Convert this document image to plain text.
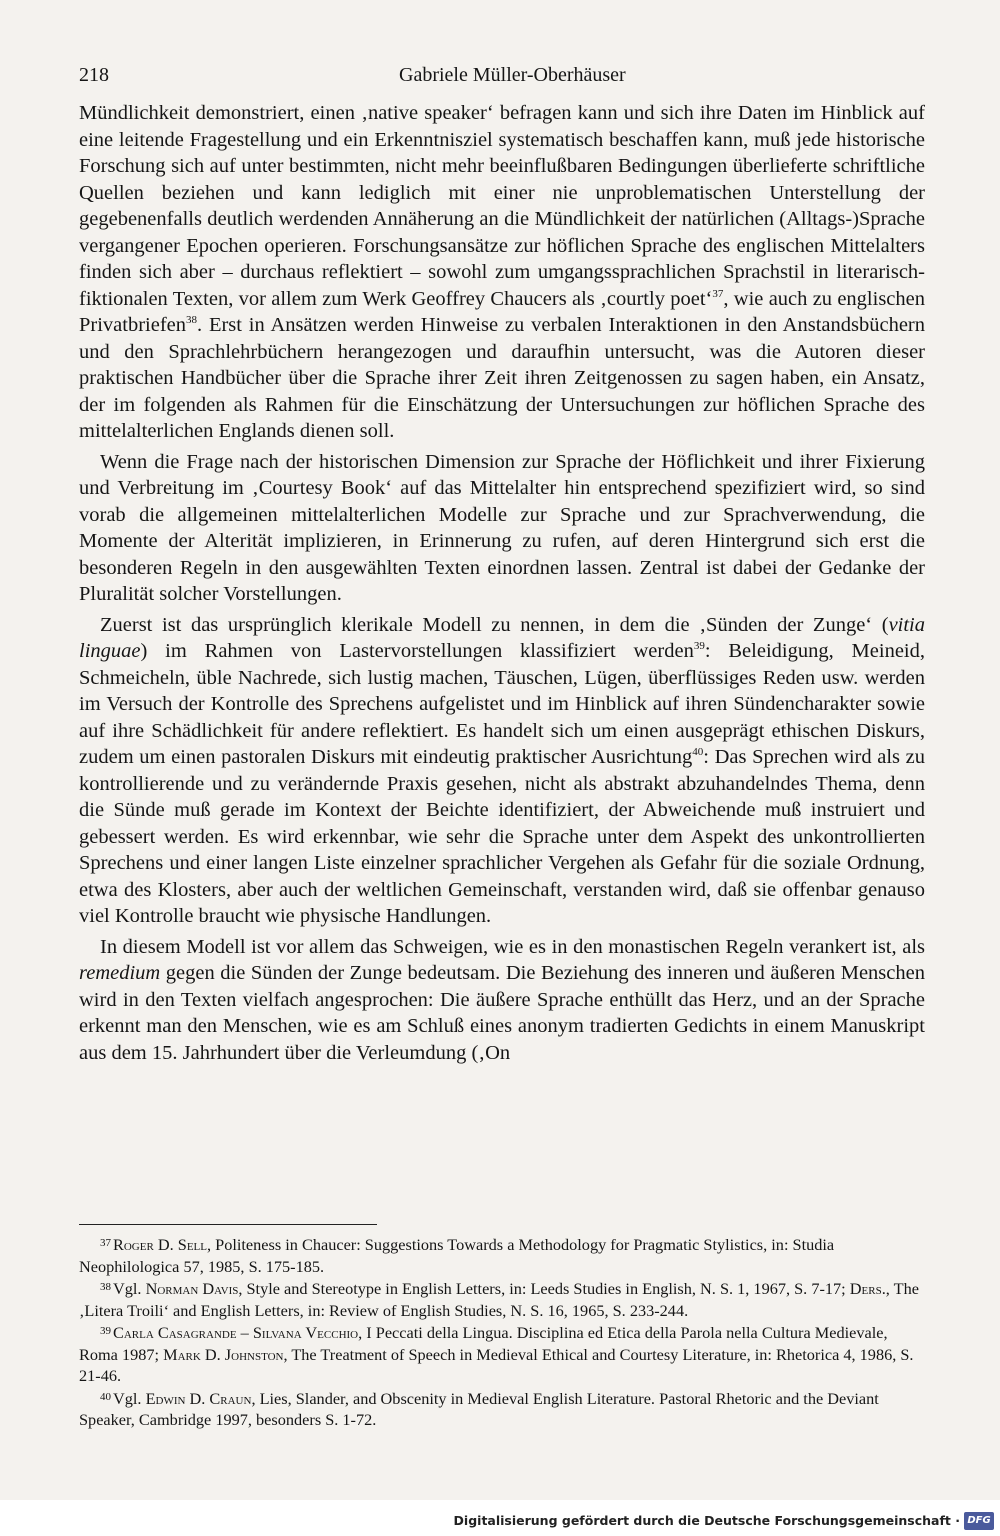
218	Gabriele Müller-Oberhäuser

Mündlichkeit demonstriert, einen ‚native speaker‘ befragen kann und sich ihre Daten im Hinblick auf eine leitende Fragestellung und ein Erkenntnisziel systematisch beschaffen kann, muß jede historische Forschung sich auf unter bestimmten, nicht mehr beeinflußbaren Bedingungen überlieferte schriftliche Quellen beziehen und kann lediglich mit einer nie unproblematischen Unterstellung der gegebenenfalls deutlich werdenden Annäherung an die Mündlichkeit der natürlichen (Alltags-)Sprache vergangener Epochen operieren. Forschungsansätze zur höflichen Sprache des englischen Mittelalters finden sich aber – durchaus reflektiert – sowohl zum umgangssprachlichen Sprachstil in literarisch-fiktionalen Texten, vor allem zum Werk Geoffrey Chaucers als ‚courtly poet‘$^{37}$, wie auch zu englischen Privatbriefen$^{38}$. Erst in Ansätzen werden Hinweise zu verbalen Interaktionen in den Anstandsbüchern und den Sprachlehrbüchern herangezogen und daraufhin untersucht, was die Autoren dieser praktischen Handbücher über die Sprache ihrer Zeit ihren Zeitgenossen zu sagen haben, ein Ansatz, der im folgenden als Rahmen für die Einschätzung der Untersuchungen zur höflichen Sprache des mittelalterlichen Englands dienen soll.

Wenn die Frage nach der historischen Dimension zur Sprache der Höflichkeit und ihrer Fixierung und Verbreitung im ‚Courtesy Book‘ auf das Mittelalter hin entsprechend spezifiziert wird, so sind vorab die allgemeinen mittelalterlichen Modelle zur Sprache und zur Sprachverwendung, die Momente der Alterität implizieren, in Erinnerung zu rufen, auf deren Hintergrund sich erst die besonderen Regeln in den ausgewählten Texten einordnen lassen. Zentral ist dabei der Gedanke der Pluralität solcher Vorstellungen.

Zuerst ist das ursprünglich klerikale Modell zu nennen, in dem die ‚Sünden der Zunge‘ (vitia linguae) im Rahmen von Lastervorstellungen klassifiziert werden$^{39}$: Beleidigung, Meineid, Schmeicheln, üble Nachrede, sich lustig machen, Täuschen, Lügen, überflüssiges Reden usw. werden im Versuch der Kontrolle des Sprechens aufgelistet und im Hinblick auf ihren Sündencharakter sowie auf ihre Schädlichkeit für andere reflektiert. Es handelt sich um einen ausgeprägt ethischen Diskurs, zudem um einen pastoralen Diskurs mit eindeutig praktischer Ausrichtung$^{40}$: Das Sprechen wird als zu kontrollierende und zu verändernde Praxis gesehen, nicht als abstrakt abzuhandelndes Thema, denn die Sünde muß gerade im Kontext der Beichte identifiziert, der Abweichende muß instruiert und gebessert werden. Es wird erkennbar, wie sehr die Sprache unter dem Aspekt des unkontrollierten Sprechens und einer langen Liste einzelner sprachlicher Vergehen als Gefahr für die soziale Ordnung, etwa des Klosters, aber auch der weltlichen Gemeinschaft, verstanden wird, daß sie offenbar genauso viel Kontrolle braucht wie physische Handlungen.

In diesem Modell ist vor allem das Schweigen, wie es in den monastischen Regeln verankert ist, als remedium gegen die Sünden der Zunge bedeutsam. Die Beziehung des inneren und äußeren Menschen wird in den Texten vielfach angesprochen: Die äußere Sprache enthüllt das Herz, und an der Sprache erkennt man den Menschen, wie es am Schluß eines anonym tradierten Gedichts in einem Manuskript aus dem 15. Jahrhundert über die Verleumdung (‚On

$^{37}$ Roger D. Sell, Politeness in Chaucer: Suggestions Towards a Methodology for Pragmatic Stylistics, in: Studia Neophilologica 57, 1985, S. 175-185.

$^{38}$ Vgl. Norman Davis, Style and Stereotype in English Letters, in: Leeds Studies in English, N. S. 1, 1967, S. 7-17; Ders., The ‚Litera Troili‘ and English Letters, in: Review of English Studies, N. S. 16, 1965, S. 233-244.

$^{39}$ Carla Casagrande – Silvana Vecchio, I Peccati della Lingua. Disciplina ed Etica della Parola nella Cultura Medievale, Roma 1987; Mark D. Johnston, The Treatment of Speech in Medieval Ethical and Courtesy Literature, in: Rhetorica 4, 1986, S. 21-46.

$^{40}$ Vgl. Edwin D. Craun, Lies, Slander, and Obscenity in Medieval English Literature. Pastoral Rhetoric and the Deviant Speaker, Cambridge 1997, besonders S. 1-72.

Digitalisierung gefördert durch die Deutsche Forschungsgemeinschaft · DFG
